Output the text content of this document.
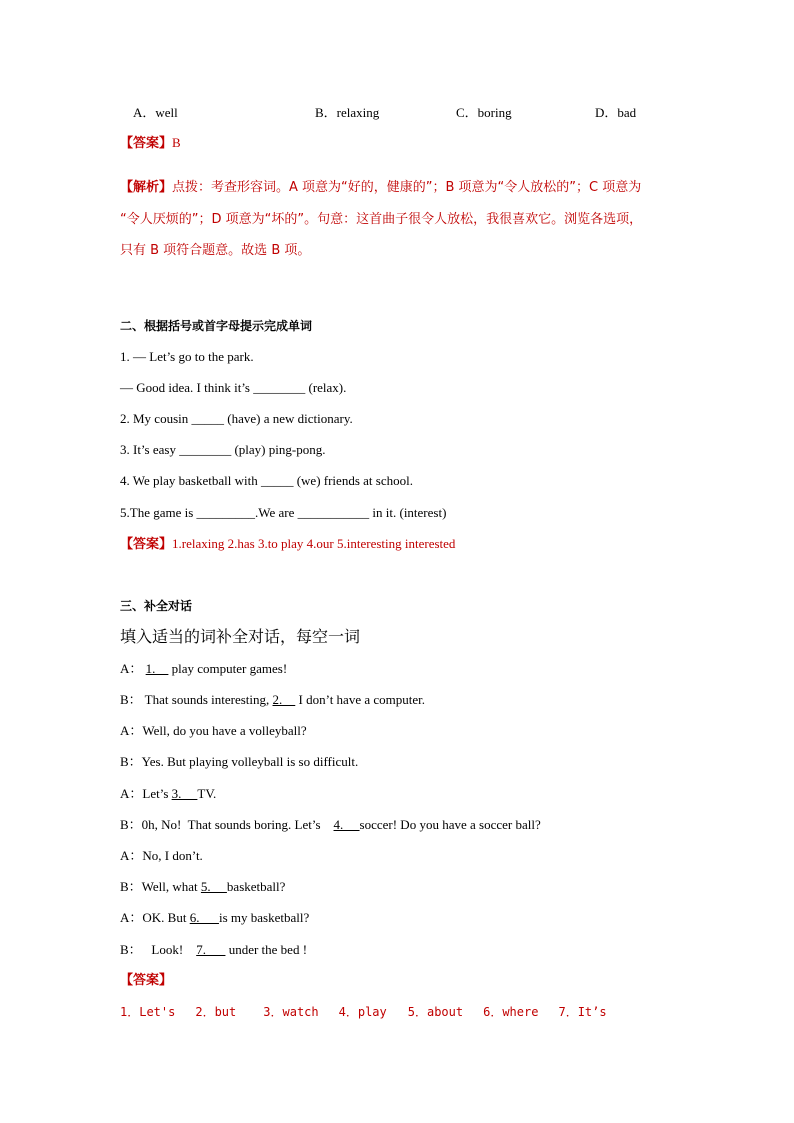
A．well	B．relaxing	C．boring	D．bad
【答案】B
【解析】点拨：考查形容词。A 项意为“好的，健康的”；B 项意为“令人放松的”；C 项意为
“令人厌烦的”；D 项意为“坏的”。句意：这首曲子很令人放松，我很喜欢它。浏览各选项，
只有 B 项符合题意。故选 B 项。
二、根据括号或首字母提示完成单词
1. — Let’s go to the park.
— Good idea. I think it’s ________ (relax).
2. My cousin _____ (have) a new dictionary.
3. It’s easy ________ (play) ping-pong.
4. We play basketball with _____ (we) friends at school.
5.The game is _________.We are ___________ in it. (interest)
【答案】1.relaxing 2.has 3.to play 4.our 5.interesting interested
三、补全对话
填入适当的词补全对话，每空一词
A： 1.     play computer games!
B： That sounds interesting, 2.     I don’t have a computer.
A：Well, do you have a volleyball?
B：Yes. But playing volleyball is so difficult.
A：Let’s 3.     TV.
B：0h, No!  That sounds boring. Let’s    4.     soccer! Do you have a soccer ball?
A：No, I don’t.
B：Well, what 5.     basketball?
A：OK. But 6.      is my basketball?
B：   Look!    7.       under the bed !
【答案】
1．Let's 2．but 3．watch 4．play 5．about 6．where 7．It’s
